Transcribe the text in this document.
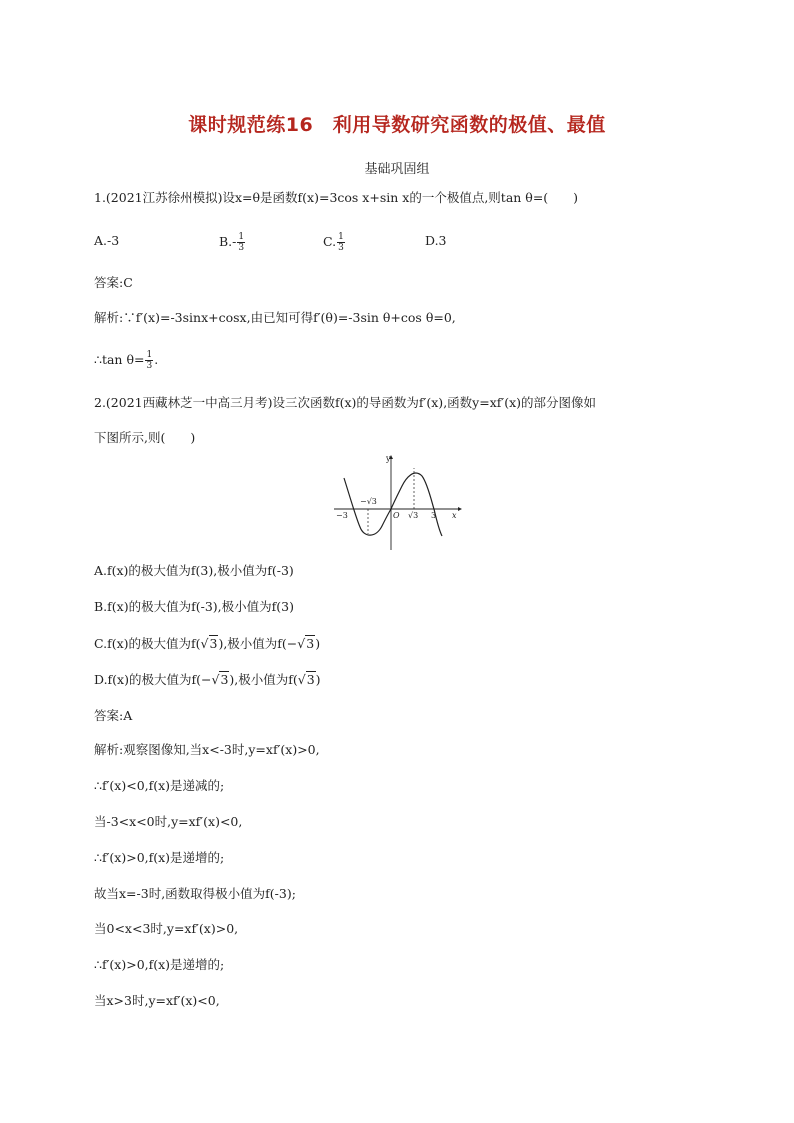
课时规范练16　利用导数研究函数的极值、最值
基础巩固组
1.(2021江苏徐州模拟)设x=θ是函数f(x)=3cos x+sin x的一个极值点,则tan θ=(　　)
A.-3	$B.- \frac{1}{3}$	C. $\frac{1}{3}$	D.3
答案:C
解析:∵f′(x)=-3sinx+cosx,由已知可得f′(θ)=-3sin θ+cos θ=0,
∴tan $\theta= \frac{1}{3}$ .
2.(2021西藏林芝一中高三月考)设三次函数f(x)的导函数为f′(x),函数y=xf′(x)的部分图像如
下图所示,则(　　)
y
x
O
−3	3
−√3
√3
A.f(x)的极大值为f(3),极小值为f(-3)
B.f(x)的极大值为f(-3),极小值为f(3)
C.f(x)的极大值为f(√3),极小值为f(−√3)
D.f(x)的极大值为f(−√3),极小值为f(√3)
答案:A
解析:观察图像知,当x<-3时,y=xf′(x)>0,
∴f′(x)<0,f(x)是递减的;
当-3<x<0时,y=xf′(x)<0,
∴f′(x)>0,f(x)是递增的;
故当x=-3时,函数取得极小值为f(-3);
当0<x<3时,y=xf′(x)>0,
∴f′(x)>0,f(x)是递增的;
当x>3时,y=xf′(x)<0,
